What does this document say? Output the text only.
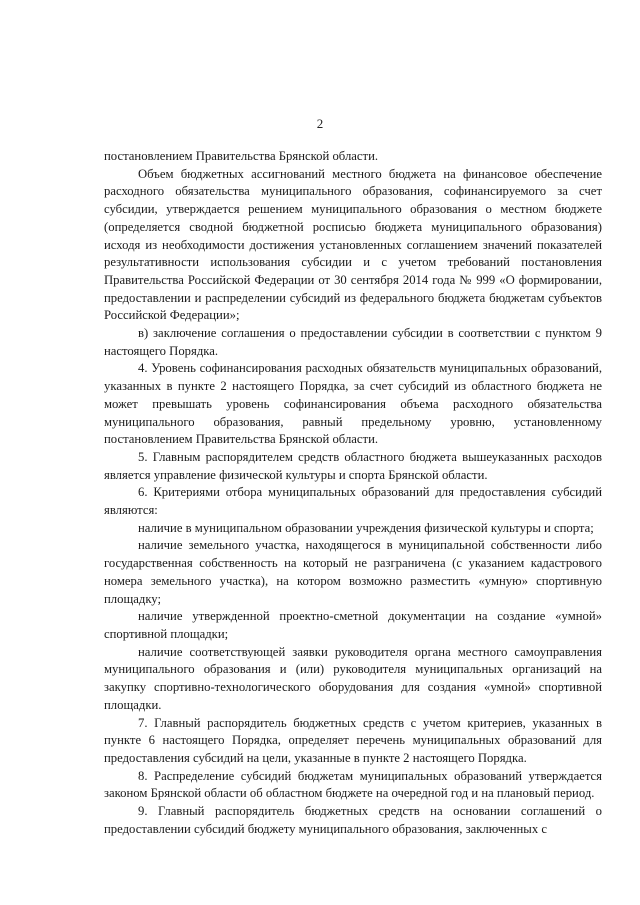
2

постановлением Правительства Брянской области.

Объем бюджетных ассигнований местного бюджета на финансовое обеспечение расходного обязательства муниципального образования, софинансируемого за счет субсидии, утверждается решением муниципального образования о местном бюджете (определяется сводной бюджетной росписью бюджета муниципального образования) исходя из необходимости достижения установленных соглашением значений показателей результативности использования субсидии и с учетом требований постановления Правительства Российской Федерации от 30 сентября 2014 года № 999 «О формировании, предоставлении и распределении субсидий из федерального бюджета бюджетам субъектов Российской Федерации»;

в) заключение соглашения о предоставлении субсидии в соответствии с пунктом 9 настоящего Порядка.

4. Уровень софинансирования расходных обязательств муниципальных образований, указанных в пункте 2 настоящего Порядка, за счет субсидий из областного бюджета не может превышать уровень софинансирования объема расходного обязательства муниципального образования, равный предельному уровню, установленному постановлением Правительства Брянской области.

5. Главным распорядителем средств областного бюджета вышеуказанных расходов является управление физической культуры и спорта Брянской области.

6. Критериями отбора муниципальных образований для предоставления субсидий являются:

наличие в муниципальном образовании учреждения физической культуры и спорта;

наличие земельного участка, находящегося в муниципальной собственности либо государственная собственность на который не разграничена (с указанием кадастрового номера земельного участка), на котором возможно разместить «умную» спортивную площадку;

наличие утвержденной проектно-сметной документации на создание «умной» спортивной площадки;

наличие соответствующей заявки руководителя органа местного самоуправления муниципального образования и (или) руководителя муниципальных организаций на закупку спортивно-технологического оборудования для создания «умной» спортивной площадки.

7. Главный распорядитель бюджетных средств с учетом критериев, указанных в пункте 6 настоящего Порядка, определяет перечень муниципальных образований для предоставления субсидий на цели, указанные в пункте 2 настоящего Порядка.

8. Распределение субсидий бюджетам муниципальных образований утверждается законом Брянской области об областном бюджете на очередной год и на плановый период.

9. Главный распорядитель бюджетных средств на основании соглашений о предоставлении субсидий бюджету муниципального образования, заключенных с
